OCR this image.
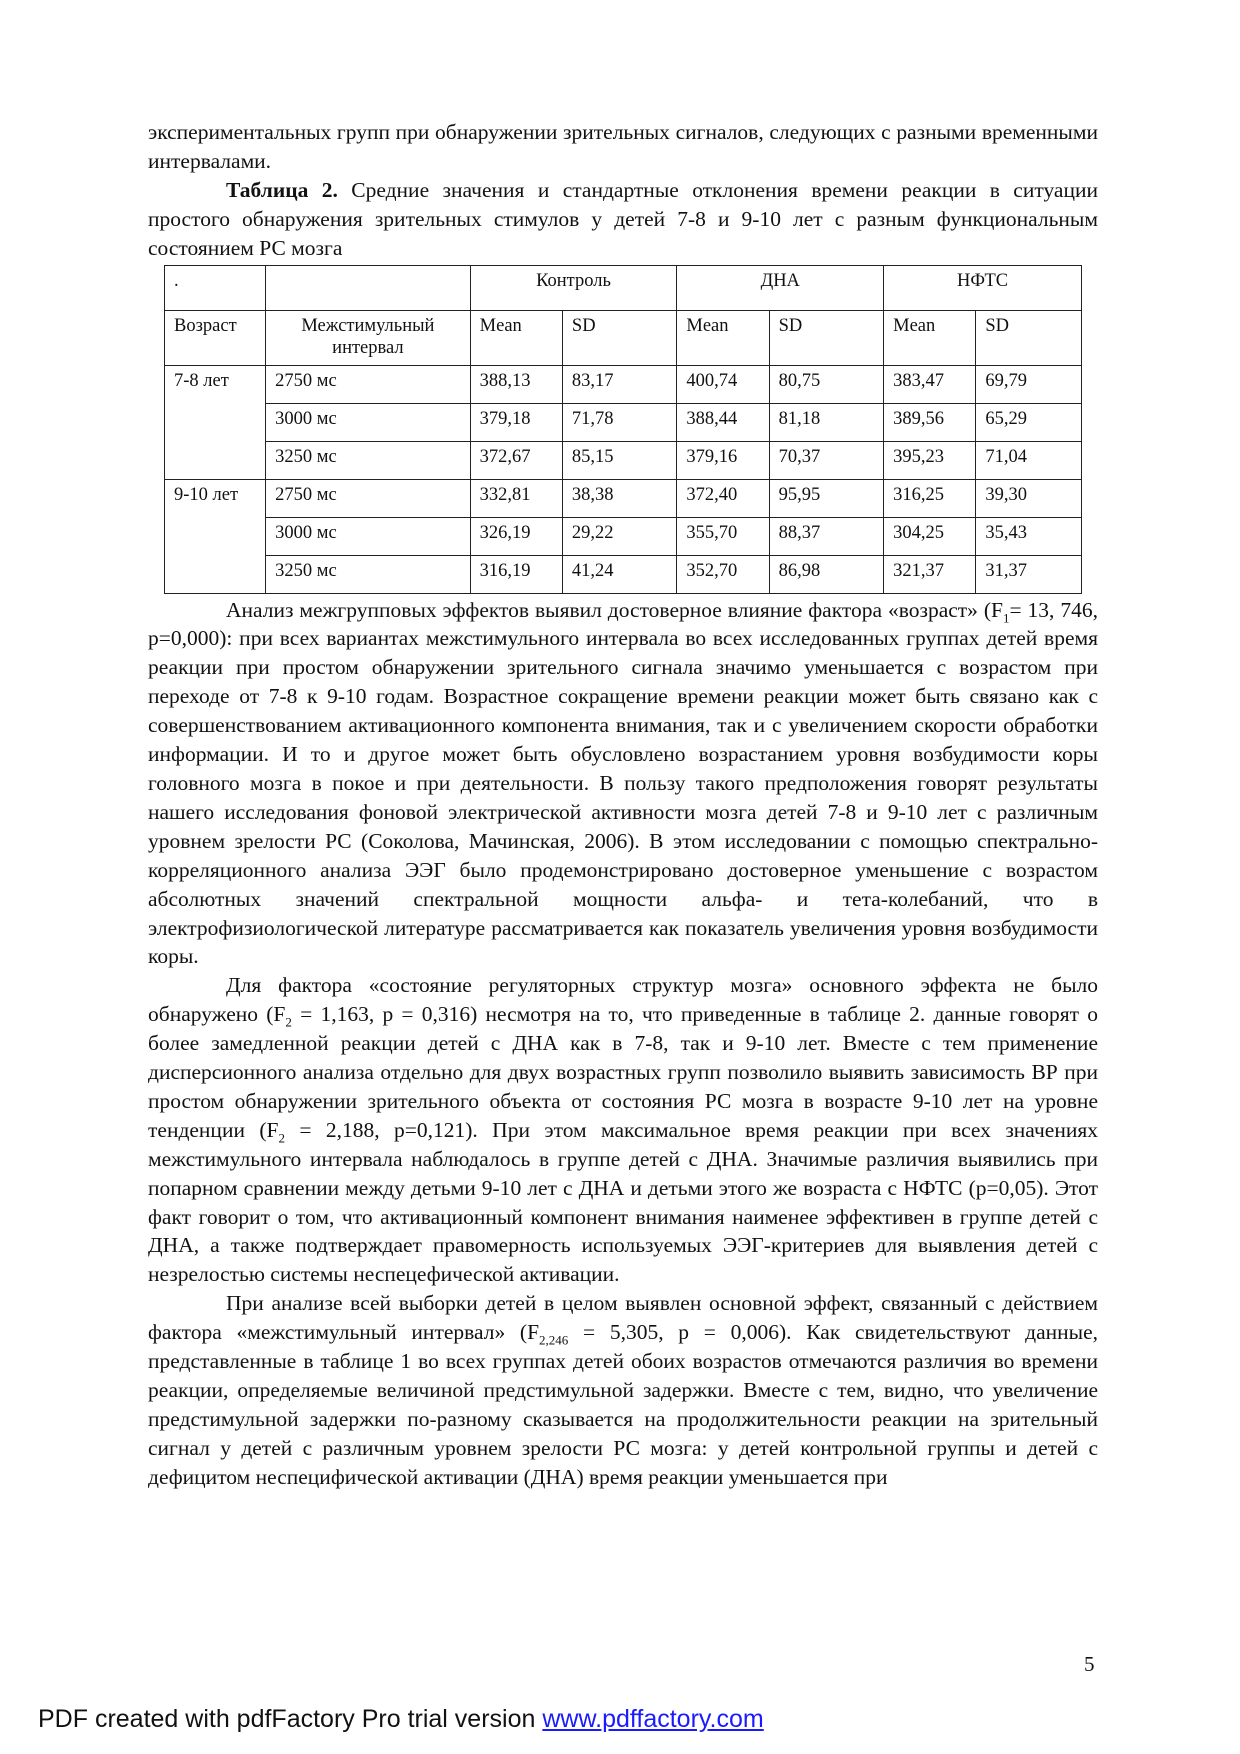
экспериментальных групп при обнаружении зрительных сигналов, следующих с разными временными интервалами.

Таблица 2. Средние значения и стандартные отклонения времени реакции в ситуации простого обнаружения зрительных стимулов у детей 7-8 и 9-10 лет с разным функциональным состоянием РС мозга

.		Контроль		ДНА		НФТС	
Возраст	Межстимульный интервал	Mean	SD	Mean	SD	Mean	SD
7-8 лет	2750 мс	388,13	83,17	400,74	80,75	383,47	69,79
	3000 мс	379,18	71,78	388,44	81,18	389,56	65,29
	3250 мс	372,67	85,15	379,16	70,37	395,23	71,04
9-10 лет	2750 мс	332,81	38,38	372,40	95,95	316,25	39,30
	3000 мс	326,19	29,22	355,70	88,37	304,25	35,43
	3250 мс	316,19	41,24	352,70	86,98	321,37	31,37

Анализ межгрупповых эффектов выявил достоверное влияние фактора «возраст» ($F_1= 13$, 746, p=0,000): при всех вариантах межстимульного интервала во всех исследованных группах детей время реакции при простом обнаружении зрительного сигнала значимо уменьшается с возрастом при переходе от 7-8 к 9-10 годам. Возрастное сокращение времени реакции может быть связано как с совершенствованием активационного компонента внимания, так и с увеличением скорости обработки информации. И то и другое может быть обусловлено возрастанием уровня возбудимости коры головного мозга в покое и при деятельности. В пользу такого предположения говорят результаты нашего исследования фоновой электрической активности мозга детей 7-8 и 9-10 лет с различным уровнем зрелости РС (Соколова, Мачинская, 2006). В этом исследовании с помощью спектрально-корреляционного анализа ЭЭГ было продемонстрировано достоверное уменьшение с возрастом абсолютных значений спектральной мощности альфа- и тета-колебаний, что в электрофизиологической литературе рассматривается как показатель увеличения уровня возбудимости коры.

Для фактора «состояние регуляторных структур мозга» основного эффекта не было обнаружено ($F_2 = 1,163$, p = 0,316) несмотря на то, что приведенные в таблице 2. данные говорят о более замедленной реакции детей с ДНА как в 7-8, так и 9-10 лет. Вместе с тем применение дисперсионного анализа отдельно для двух возрастных групп позволило выявить зависимость ВР при простом обнаружении зрительного объекта от состояния РС мозга в возрасте 9-10 лет на уровне тенденции ($F_2 = 2,188$, p=0,121). При этом максимальное время реакции при всех значениях межстимульного интервала наблюдалось в группе детей с ДНА. Значимые различия выявились при попарном сравнении между детьми 9-10 лет с ДНА и детьми этого же возраста с НФТС (p=0,05). Этот факт говорит о том, что активационный компонент внимания наименее эффективен в группе детей с ДНА, а также подтверждает правомерность используемых ЭЭГ-критериев для выявления детей с незрелостью системы неспецефической активации.

При анализе всей выборки детей в целом выявлен основной эффект, связанный с действием фактора «межстимульный интервал» ($F_{2,246} = 5,305$, p = 0,006). Как свидетельствуют данные, представленные в таблице 1 во всех группах детей обоих возрастов отмечаются различия во времени реакции, определяемые величиной предстимульной задержки. Вместе с тем, видно, что увеличение предстимульной задержки по-разному сказывается на продолжительности реакции на зрительный сигнал у детей с различным уровнем зрелости РС мозга: у детей контрольной группы и детей с дефицитом неспецифической активации (ДНА) время реакции уменьшается при

5
PDF created with pdfFactory Pro trial version www.pdffactory.com
